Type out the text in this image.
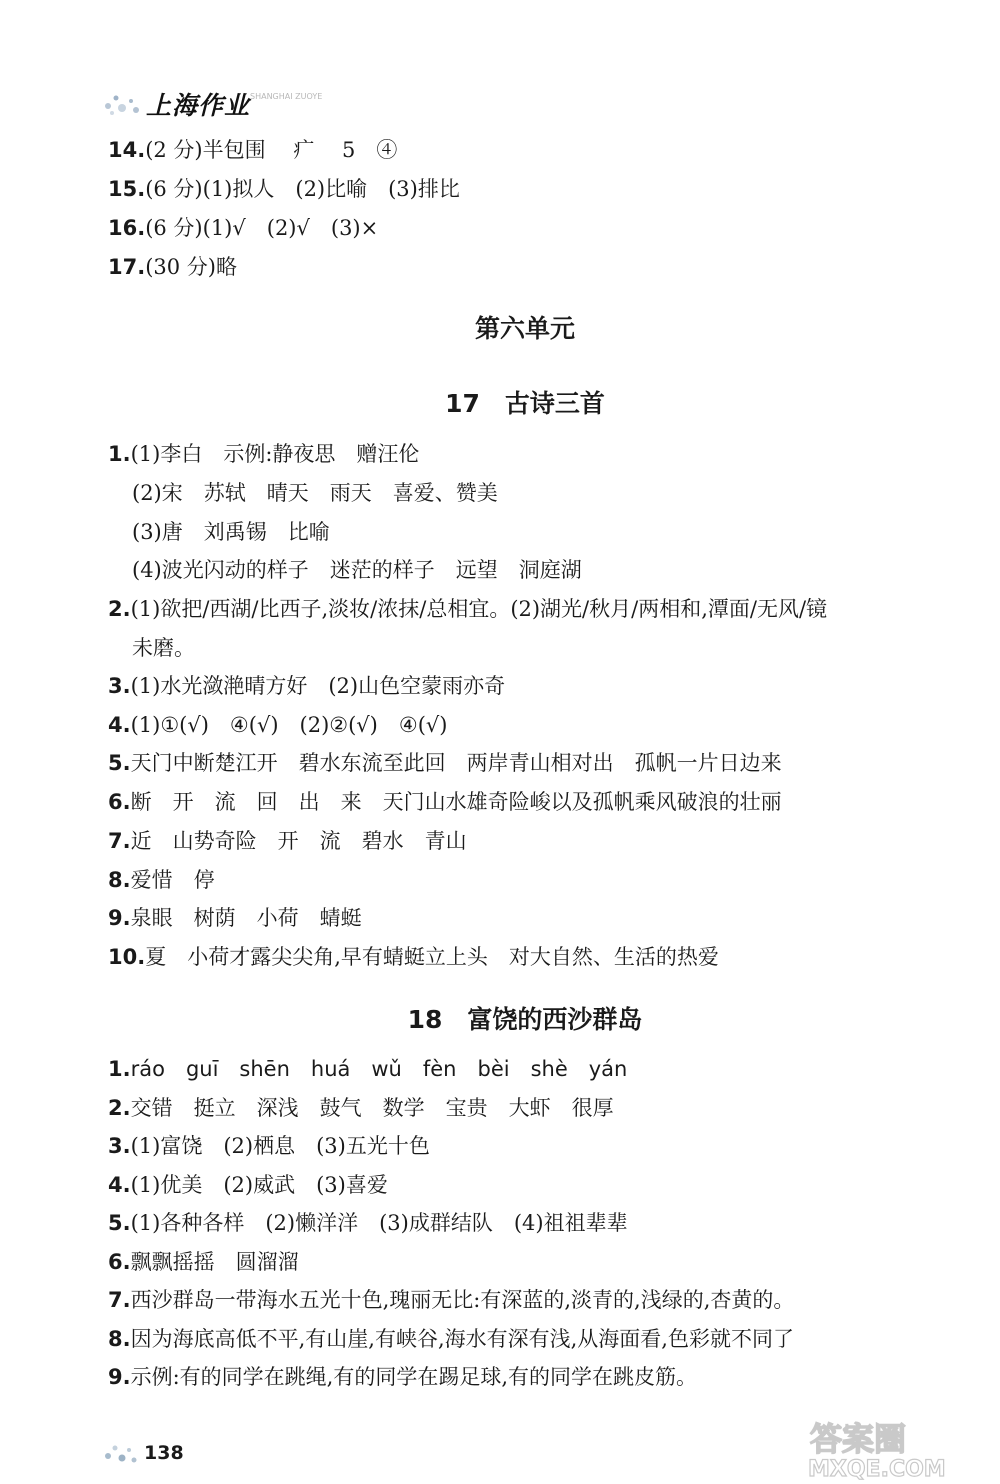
上海作业 SHANGHAI ZUOYE
14.(2 分)半包围　 疒　 5　④
15.(6 分)(1)拟人　(2)比喻　(3)排比
16.(6 分)(1)√　(2)√　(3)×
17.(30 分)略
第六单元
17　古诗三首
1.(1)李白　示例:静夜思　赠汪伦
(2)宋　苏轼　晴天　雨天　喜爱、赞美
(3)唐　刘禹锡　比喻
(4)波光闪动的样子　迷茫的样子　远望　洞庭湖
2.(1)欲把/西湖/比西子,淡妆/浓抹/总相宜。(2)湖光/秋月/两相和,潭面/无风/镜
未磨。
3.(1)水光潋滟晴方好　(2)山色空蒙雨亦奇
4.(1)①(√)　④(√)　(2)②(√)　④(√)
5.天门中断楚江开　碧水东流至此回　两岸青山相对出　孤帆一片日边来
6.断　开　流　回　出　来　天门山水雄奇险峻以及孤帆乘风破浪的壮丽
7.近　山势奇险　开　流　碧水　青山
8.爱惜　停
9.泉眼　树荫　小荷　蜻蜓
10.夏　小荷才露尖尖角,早有蜻蜓立上头　对大自然、生活的热爱
18　富饶的西沙群岛
1.ráo　guī　shēn　huá　wǔ　fèn　bèi　shè　yán
2.交错　挺立　深浅　鼓气　数学　宝贵　大虾　很厚
3.(1)富饶　(2)栖息　(3)五光十色
4.(1)优美　(2)威武　(3)喜爱
5.(1)各种各样　(2)懒洋洋　(3)成群结队　(4)祖祖辈辈
6.飘飘摇摇　圆溜溜
7.西沙群岛一带海水五光十色,瑰丽无比:有深蓝的,淡青的,浅绿的,杏黄的。
8.因为海底高低不平,有山崖,有峡谷,海水有深有浅,从海面看,色彩就不同了
9.示例:有的同学在跳绳,有的同学在踢足球,有的同学在跳皮筋。
138	答案圈
MXQE.COM
